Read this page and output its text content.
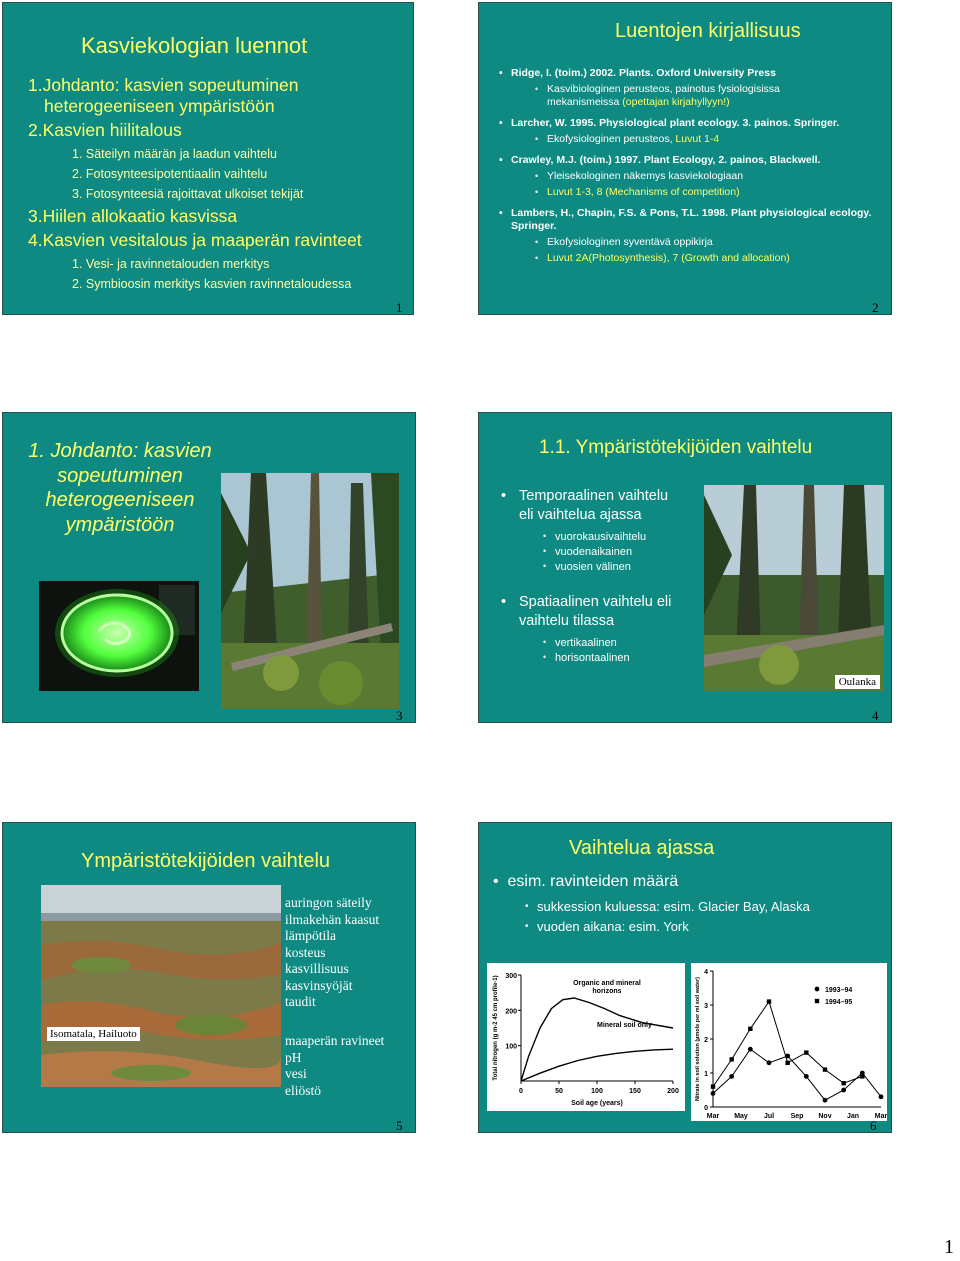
Kasviekologian luennot
1.Johdanto: kasvien sopeutuminen
heterogeeniseen ympäristöön
2.Kasvien hiilitalous
1. Säteilyn määrän ja laadun vaihtelu
2. Fotosynteesipotentiaalin vaihtelu
3. Fotosynteesiä rajoittavat ulkoiset tekijät
3.Hiilen allokaatio kasvissa
4.Kasvien vesitalous ja maaperän ravinteet
1. Vesi- ja ravinnetalouden merkitys
2. Symbioosin merkitys kasvien ravinnetaloudessa
1
Luentojen kirjallisuus
• Ridge, I. (toim.) 2002. Plants. Oxford University Press
• Kasvibiologinen perusteos, painotus fysiologisissa mekanismeissa (opettajan kirjahyllyyn!)
• Larcher, W. 1995. Physiological plant ecology. 3. painos. Springer.
• Ekofysiologinen perusteos, Luvut 1-4
• Crawley, M.J. (toim.) 1997. Plant Ecology, 2. painos, Blackwell.
• Yleisekologinen näkemys kasviekologiaan
• Luvut 1-3, 8 (Mechanisms of competition)
• Lambers, H., Chapin, F.S. & Pons, T.L. 1998. Plant physiological ecology. Springer.
• Ekofysiologinen syventävä oppikirja
• Luvut 2A(Photosynthesis), 7 (Growth and allocation)
2
1. Johdanto: kasvien
sopeutuminen
heterogeeniseen
ympäristöön
3
1.1. Ympäristötekijöiden vaihtelu
• Temporaalinen vaihtelu
eli vaihtelua ajassa
• vuorokausivaihtelu
• vuodenaikainen
• vuosien välinen
• Spatiaalinen vaihtelu eli
vaihtelu tilassa
• vertikaalinen
• horisontaalinen
Oulanka
4
Ympäristötekijöiden vaihtelu
Isomatala, Hailuoto
auringon säteily
ilmakehän kaasut
lämpötila
kosteus
kasvillisuus
kasvinsyöjät
taudit
maaperän ravineet
pH
vesi
eliöstö
5
Vaihtelua ajassa
•  esim. ravinteiden määrä
• sukkession kuluessa: esim. Glacier Bay, Alaska
• vuoden aikana: esim. York
0	50	100	150	200
100
200
300
Soil age (years)
Total nitrogen (g m-2 45 cm profile-1)	Organic and mineral
horizons
Mineral soil only
0
1
2
3
4
Mar May Jul Sep Nov Jan Mar
Nitrate in soil solution (µmols per ml soil water)	1993–94
1994–95
6
1
